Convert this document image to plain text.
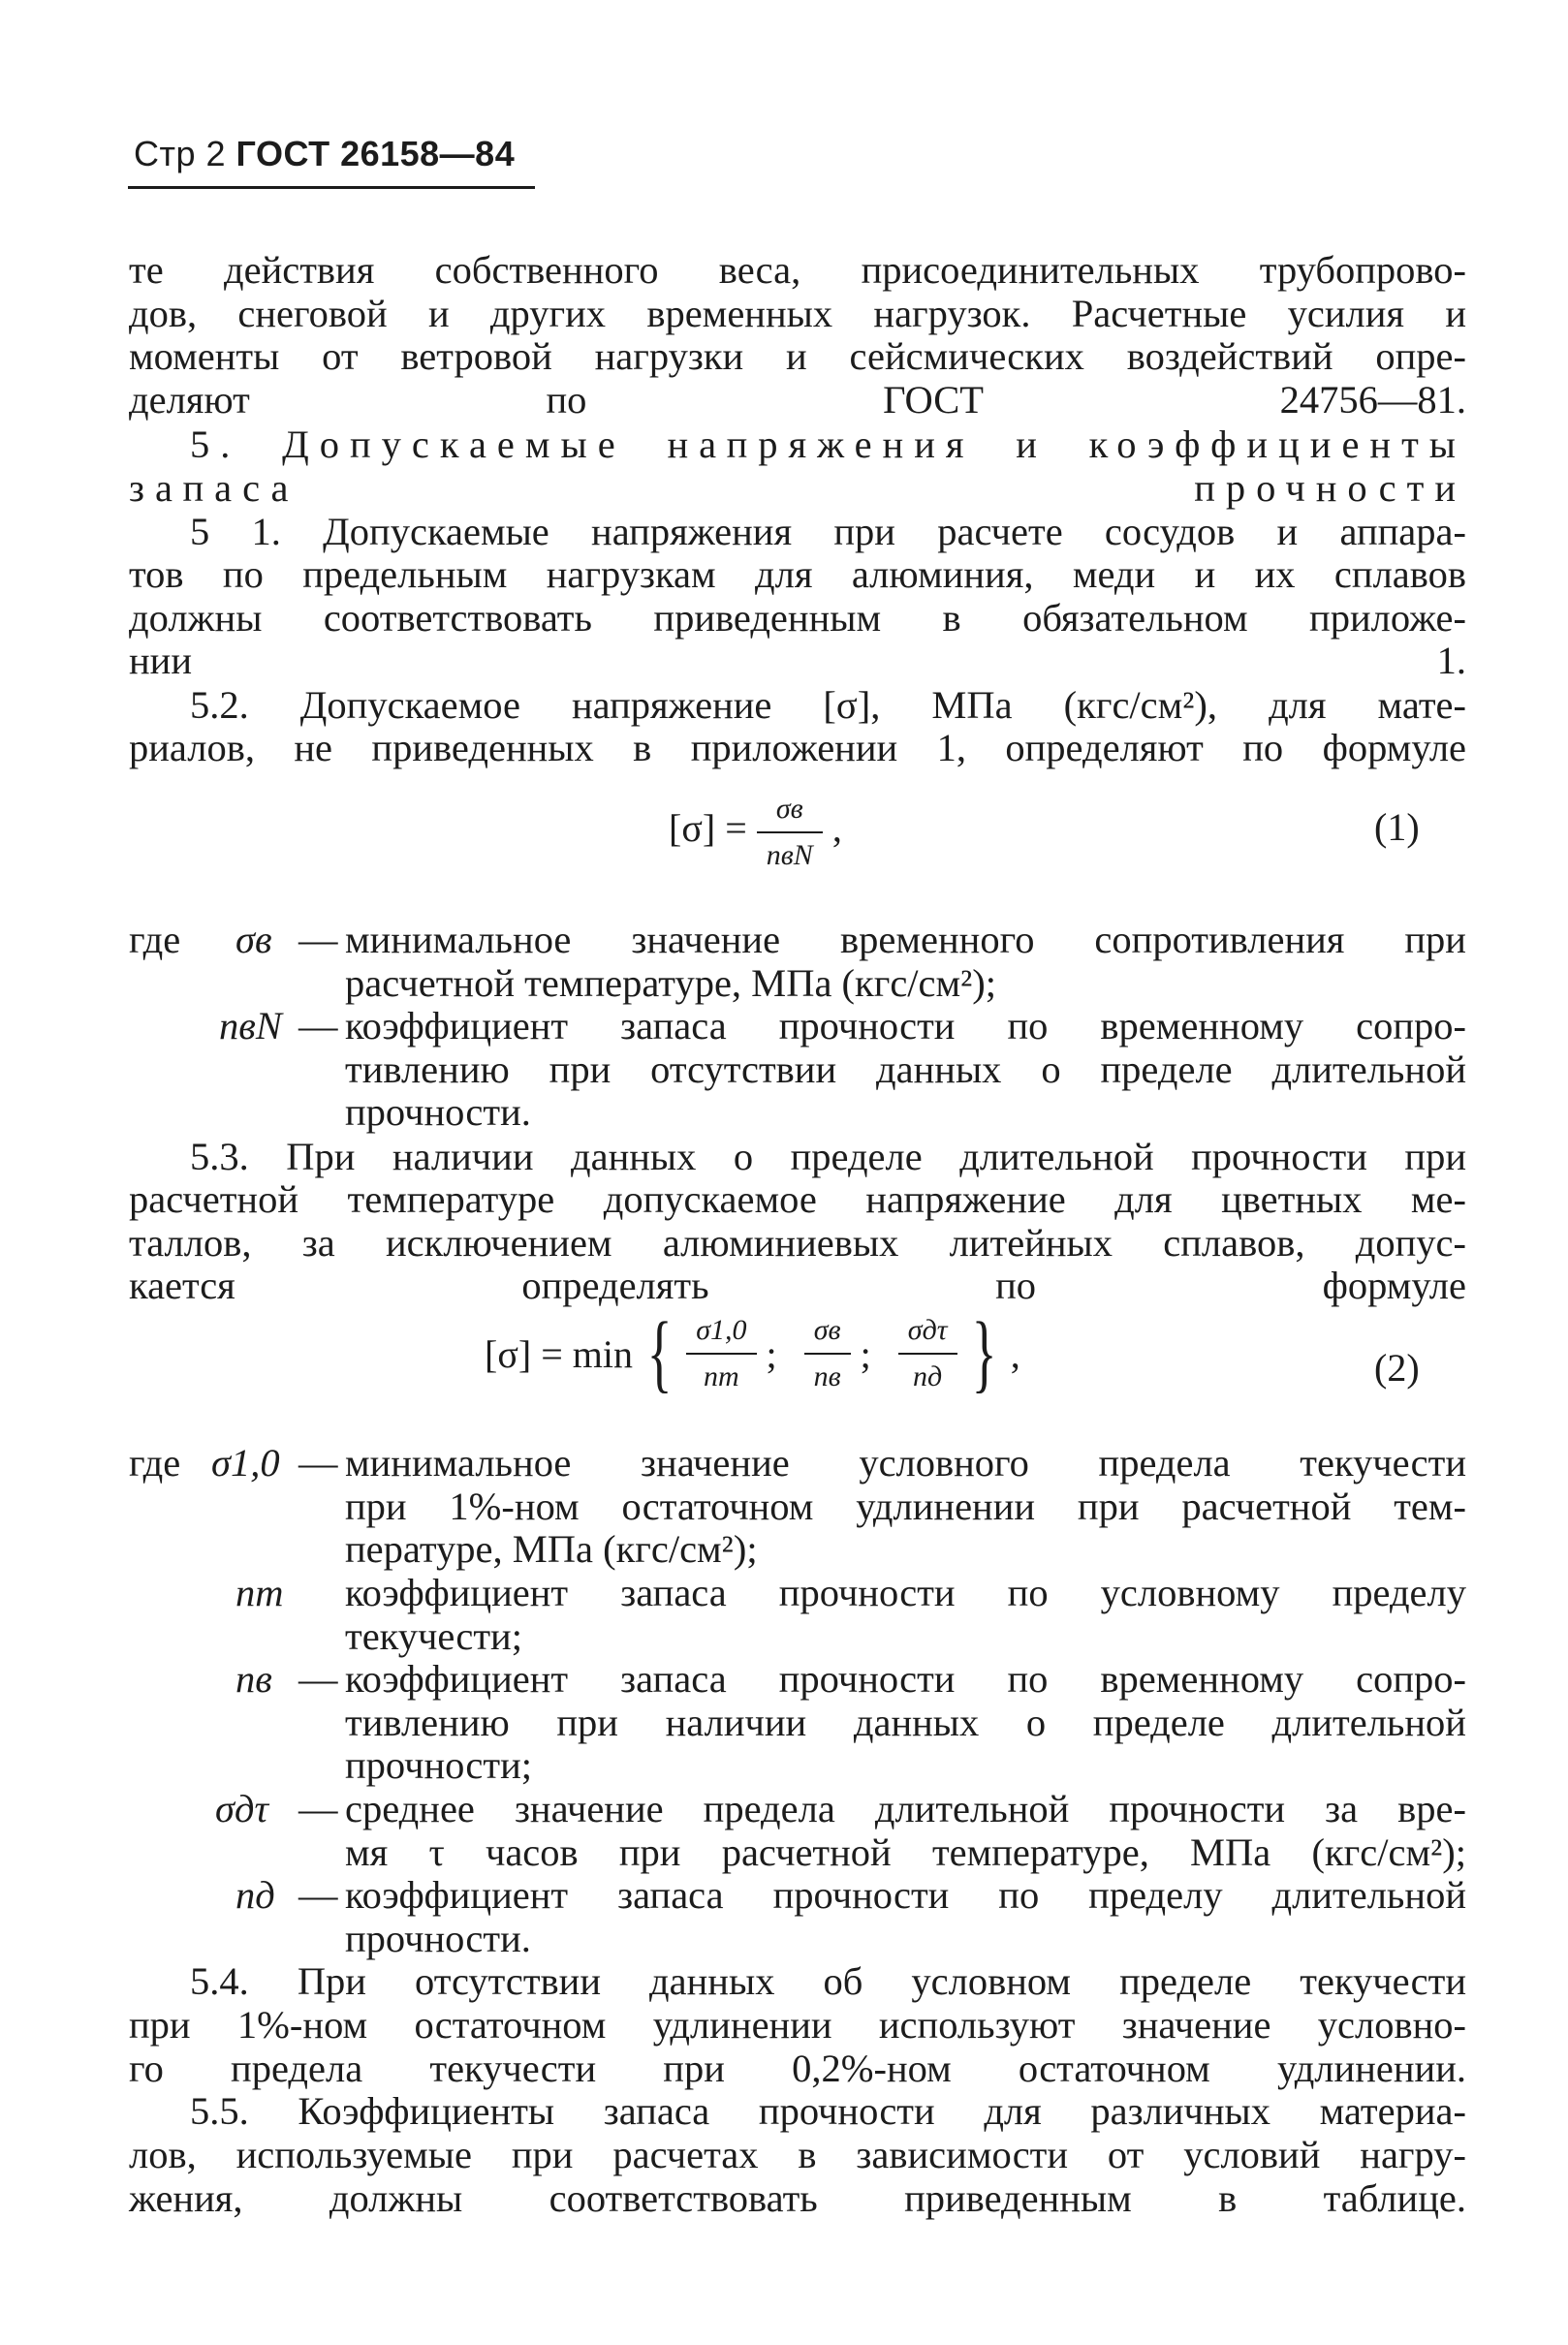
Стр 2 ГОСТ 26158—84
те действия собственного веса, присоединительных трубопрово-
дов, снеговой и других временных нагрузок. Расчетные усилия и
моменты от ветровой нагрузки и сейсмических воздействий опре-
деляют по ГОСТ 24756—81.
5. Допускаемые напряжения и коэффициенты
запаса прочности
5 1. Допускаемые напряжения при расчете сосудов и аппара-
тов по предельным нагрузкам для алюминия, меди и их сплавов
должны соответствовать приведенным в обязательном приложе-
нии 1.
5.2. Допускаемое напряжение [σ], МПа (кгс/см²), для мате-
риалов, не приведенных в приложении 1, определяют по формуле
$[\sigma] = \frac{\sigma в}{\text{nвN}}$ ,	(1)
где σв — минимальное значение временного сопротивления при
расчетной температуре, МПа (кгс/см²);
nвN — коэффициент запаса прочности по временному сопро-
тивлению при отсутствии данных о пределе длительной
прочности.
5.3. При наличии данных о пределе длительной прочности при
расчетной температуре допускаемое напряжение для цветных ме-
таллов, за исключением алюминиевых литейных сплавов, допус-
кается определять по формуле
[σ] = min { $\frac{\sigma 1,0}{nт}$ ; $\frac{\sigma в}{nв}$ ; $\frac{\text{σдτ}}{nд}$ } ,	(2)
где σ1,0 — минимальное значение условного предела текучести
при 1%-ном остаточном удлинении при расчетной тем-
пературе, МПа (кгс/см²);
nт коэффициент запаса прочности по условному пределу
текучести;
nв — коэффициент запаса прочности по временному сопро-
тивлению при наличии данных о пределе длительной
прочности;
σдτ — среднее значение предела длительной прочности за вре-
мя τ часов при расчетной температуре, МПа (кгс/см²);
nд — коэффициент запаса прочности по пределу длительной
прочности.
5.4. При отсутствии данных об условном пределе текучести
при 1%-ном остаточном удлинении используют значение условно-
го предела текучести при 0,2%-ном остаточном удлинении.
5.5. Коэффициенты запаса прочности для различных материа-
лов, используемые при расчетах в зависимости от условий нагру-
жения, должны соответствовать приведенным в таблице.
